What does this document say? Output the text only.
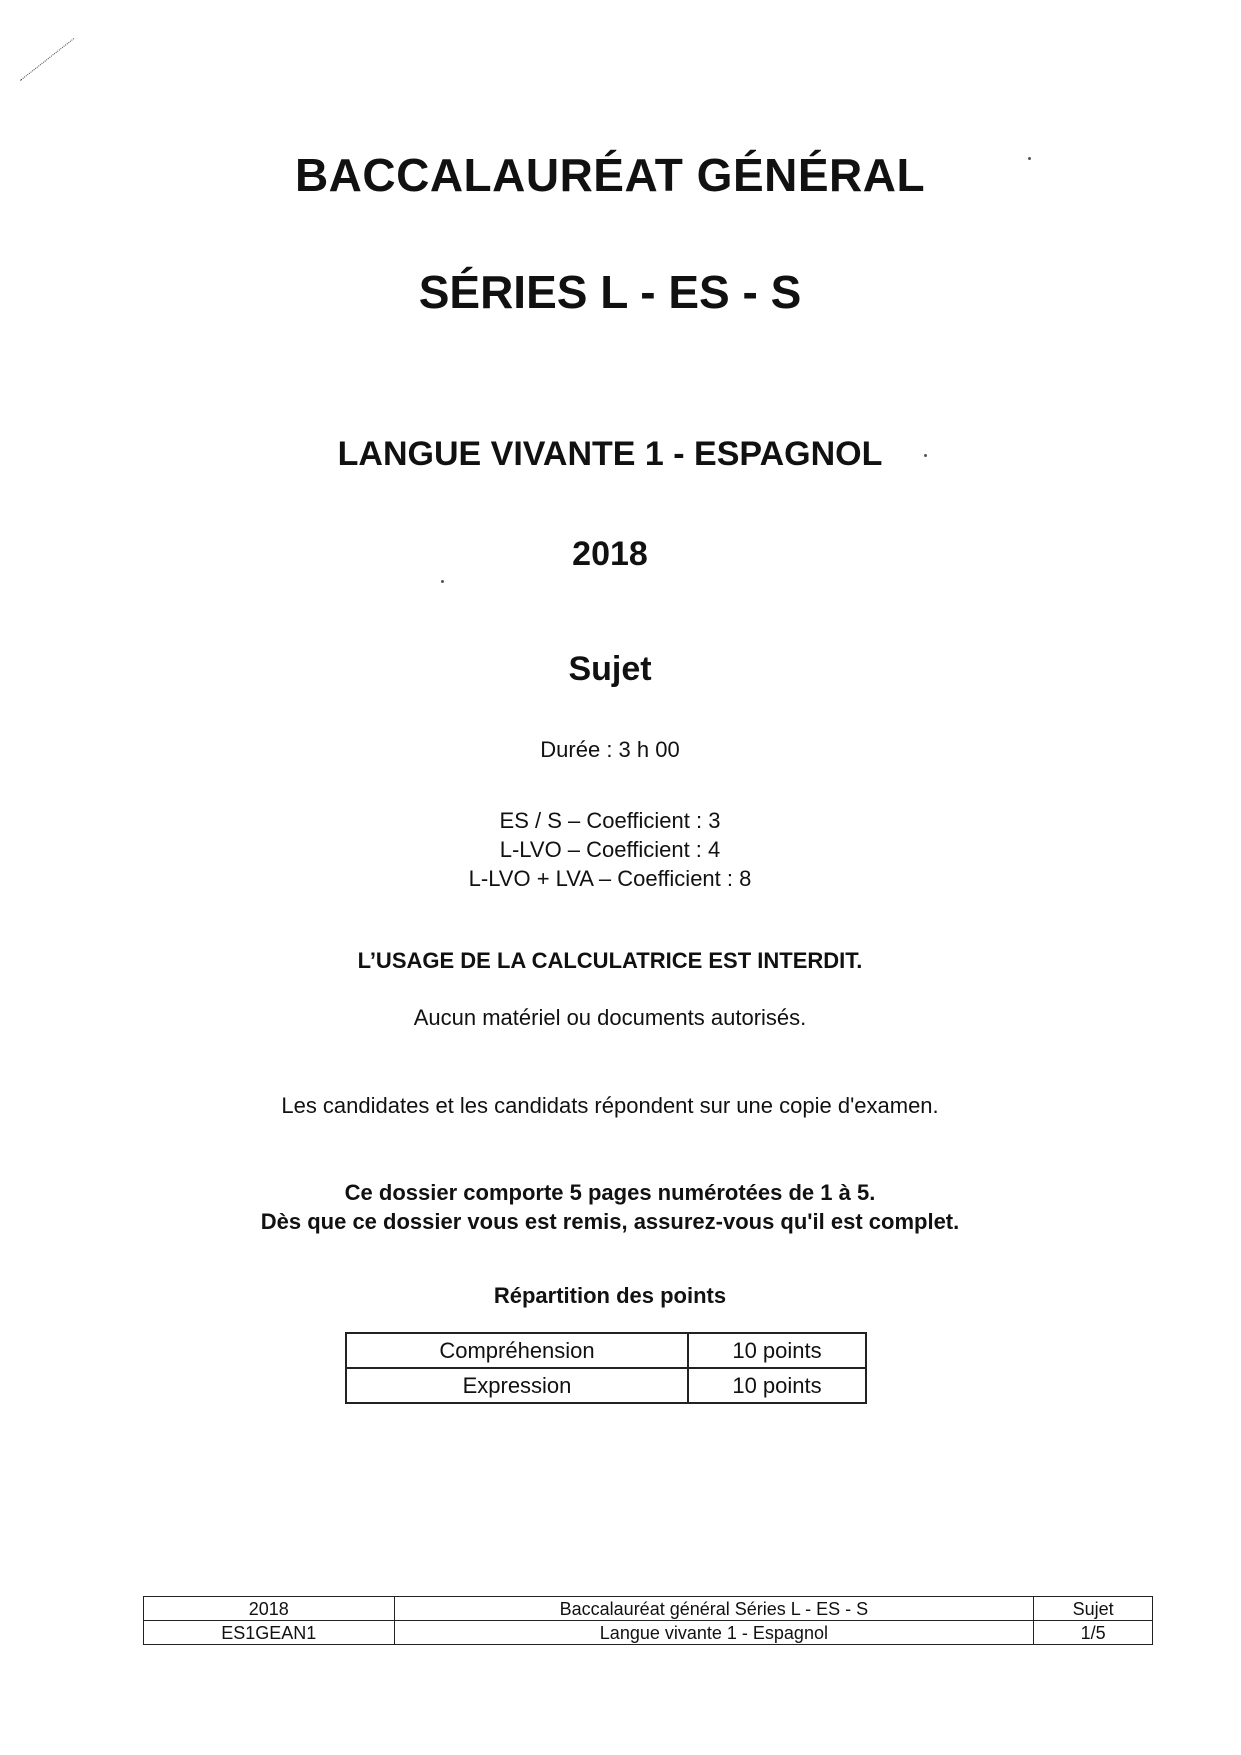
BACCALAURÉAT GÉNÉRAL
SÉRIES L - ES - S
LANGUE VIVANTE 1 - ESPAGNOL
2018
Sujet
Durée : 3 h 00
ES / S – Coefficient : 3
L-LVO – Coefficient : 4
L-LVO + LVA – Coefficient : 8
L’USAGE DE LA CALCULATRICE EST INTERDIT.
Aucun matériel ou documents autorisés.
Les candidates et les candidats répondent sur une copie d'examen.
Ce dossier comporte 5 pages numérotées de 1 à 5.
Dès que ce dossier vous est remis, assurez-vous qu'il est complet.
Répartition des points
Compréhension	10 points
Expression	10 points
2018	Baccalauréat général Séries L - ES - S	Sujet
ES1GEAN1	Langue vivante 1 - Espagnol	1/5
